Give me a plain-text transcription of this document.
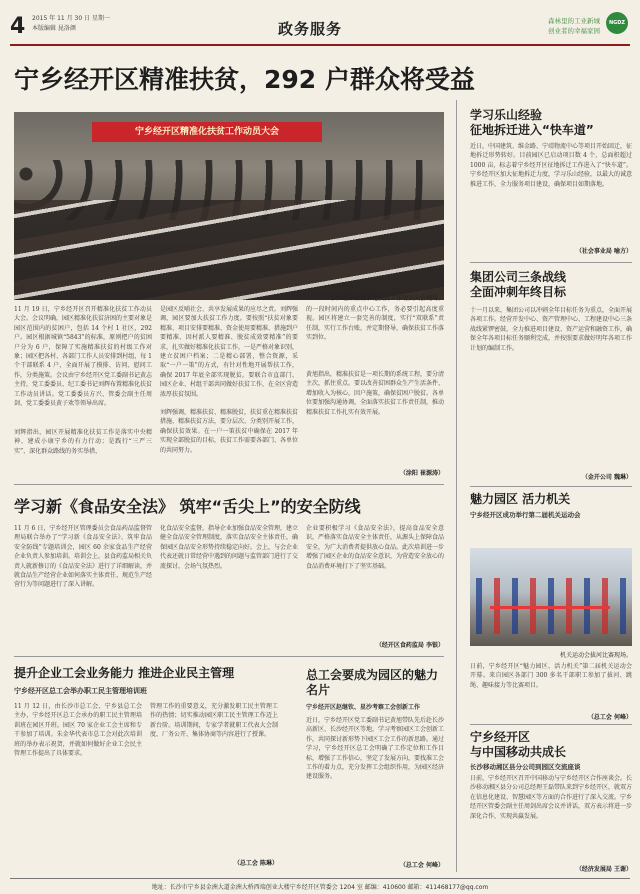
4 2015 年 11 月 30 日 星期一
本版编辑 昆洛颜	政务服务	森林里的工业新城
创业者的幸福家园
NGDZ
宁乡经开区精准扶贫，292 户群众将受益
宁乡经开区精准化扶贫工作动员大会
宁乡经开区精准化扶贫工作动员大会现场。
11 月 19 日，宁乡经开区召开精准化扶贫工作动员大会。会议明确，园区精准化扶贫济困的主要对象是园区范围内的贫困户，包括 14 个村 1 社区，292 户。园区根据城镇“5843”的标准，原则把户的贫困户分为 6 户，保障了实施精准扶贫的村级工作对象；园区把各村、各部门工作人员安排到村组，每 1 个干部联系 4 户，全面开展了摸排、访问、慰问工作，分类施策。会议由宁乡经开区党工委副书记黄志主持，党工委委员、纪工委书记刘辉布置精准化扶贫工作动员讲话。党工委委员方兴、管委会副主任周剑、党工委委员黄子欢等领导出席。
刘辉指出，园区开展精准化扶贫工作是落实中央精神、建成小康宁乡的有力行动；是践行“三严三实”、深化群众路线的务实举措，
是园区反哺社会、共享发展成果的应尽之责。刘辉强调，园区要加大扶贫工作力度。要按照“扶贫对象要精准、项目安排要精准、资金使用要精准、措施到户要精准、因村派人要精准、脱贫成效要精准”的要求，扎实做好精准化扶贫工作，一是严格对象识别，建立贫困户档案；二是精心部署，整合资源，采取“一户一策”的方式，有针对性地开展帮扶工作，确保 2017 年底全部实现脱贫。要联合市直部门、园区企业、村组干部共同做好扶贫工作，在全区营造浓厚扶贫氛围。
刘辉强调，精准扶贫、精准脱贫，扶贫重在精准扶贫措施、精准扶贫方法，要分层次、分类别开展工作，确保扶贫效果。在一户一策扶贫中确保在 2017 年实现全部脱贫的目标，扶贫工作需要各部门、各单位的共同努力。
的一段时间内的重点中心工作，务必要引起高度重视。园区将建立一套完善的制度，实行“双联系”责任制，实行工作台账，并定期督导，确保扶贫工作落实到位。
黄旭指出，精准扶贫是一项长期的系统工程，要分清主次，抓住重点。要以改善贫困群众生产生活条件、增加收入为核心，因户施策，确保贫困户脱贫。各单位要加强沟通协调，全面落实扶贫工作责任制，推动精准扶贫工作扎实有效开展。
（涂阳 崔源涛）
学习新《食品安全法》 筑牢“舌尖上”的安全防线
11 月 6 日，宁乡经开区管理委员会食品药品监督管理局联合举办了“学习新《食品安全法》、筑牢食品安全防线”专题培训会，园区 60 余家食品生产经营企业负责人参加培训。培训会上，县食药监局相关负责人就新修订的《食品安全法》进行了详细解读，并就食品生产经营企业如何落实主体责任、规范生产经营行为等问题进行了深入讲解。
化食品安全监督，指导企业加强食品安全管理，建立健全食品安全管理制度，落实食品安全主体责任，确保园区食品安全形势持续稳定向好。会上，与会企业代表还就日常经营中遇到的问题与监管部门进行了交流探讨，会场气氛热烈。
企业要积极学习《食品安全法》，提高食品安全意识，严格落实食品安全主体责任，从源头上保障食品安全，为广大消费者提供放心食品。此次培训进一步增强了园区企业的食品安全意识，为营造安全放心的食品消费环境打下了坚实基础。
（经开区食药监局 李银）
提升企业工会业务能力 推进企业民主管理
宁乡经开区总工会举办职工民主管理培训班
11 月 12 日，由长沙市总工会、宁乡县总工会主办，宁乡经开区总工会承办的职工民主管理培训班在园区开班。园区 70 家企业工会主席和专干参加了培训。朱金华代表市总工会对此次培训班的举办表示祝贺，并就如何做好企业工会民主管理工作提出了具体要求。
管理工作的重要意义，充分激发职工民主管理工作的热情；切实推动园区职工民主管理工作迈上新台阶。培训期间，专家学者就职工代表大会制度、厂务公开、集体协商等内容进行了授课。
（总工会 陈琳）
总工会要成为园区的魅力名片
宁乡经开区赵继钦、星沙考察工会创新工作
近日，宁乡经开区党工委副书记黄旭带队先后赴长沙高新区、长沙经开区等地，学习考察园区工会创新工作，共同探讨新形势下园区工会工作的新思路。通过学习，宁乡经开区总工会明确了工作定位和工作目标，增强了工作信心，坚定了发展方向，要找准工会工作的着力点，充分发挥工会组织作用，为园区经济建设服务。
（总工会 何峰）
学习乐山经验
征地拆迁进入“快车道”
近日，中国建筑、维金路、宁靖物流中心等项目开始回迁，征地拆迁形势转好。目前园区已启动项目数 4 个，总面积超过 1000 亩，标志着宁乡经开区征地拆迁工作进入了“快车道”。宁乡经开区加大征地拆迁力度，学习乐山经验，以最大的诚意推进工作，全力服务项目建设，确保项目如期落地。
（社会事业局 喻方）
集团公司三条战线
全面冲刺年终目标
十一月以来，集团公司以冲刺全年目标任务为重点，全面开展各项工作。经营开发中心、资产管理中心、工程建设中心三条战线紧锣密鼓，全力推进项目建设、资产运营和融资工作，确保全年各项目标任务顺利完成，并按照要求做好明年各项工作计划的编制工作。
（金开公司 魏琳）
魅力园区 活力机关
宁乡经开区成功举行第二届机关运动会
机关运动会拔河比赛现场。
日前，宁乡经开区“魅力园区、活力机关”第二届机关运动会开幕。来自园区各部门 300 多名干部职工参加了拔河、跳绳、趣味接力等比赛项目。
（总工会 何峰）
宁乡经开区
与中国移动共成长
长沙移动湘区县分公司到园区交流座谈
日前，宁乡经开区召开中国移动与宁乡经开区合作座谈会。长沙移动湘区县分公司总经理王磊带队来到宁乡经开区，就双方在信息化建设、智慧园区等方面的合作进行了深入交流。宁乡经开区管委会副主任周剑出席会议并讲话，双方表示将进一步深化合作，实现共赢发展。
（经济发展局 王谢）
地址：长沙市宁乡县金洲大道金洲大桥西端创业大楼宁乡经开区管委会 1204 室 邮编：410600 邮箱：411468177@qq.com
